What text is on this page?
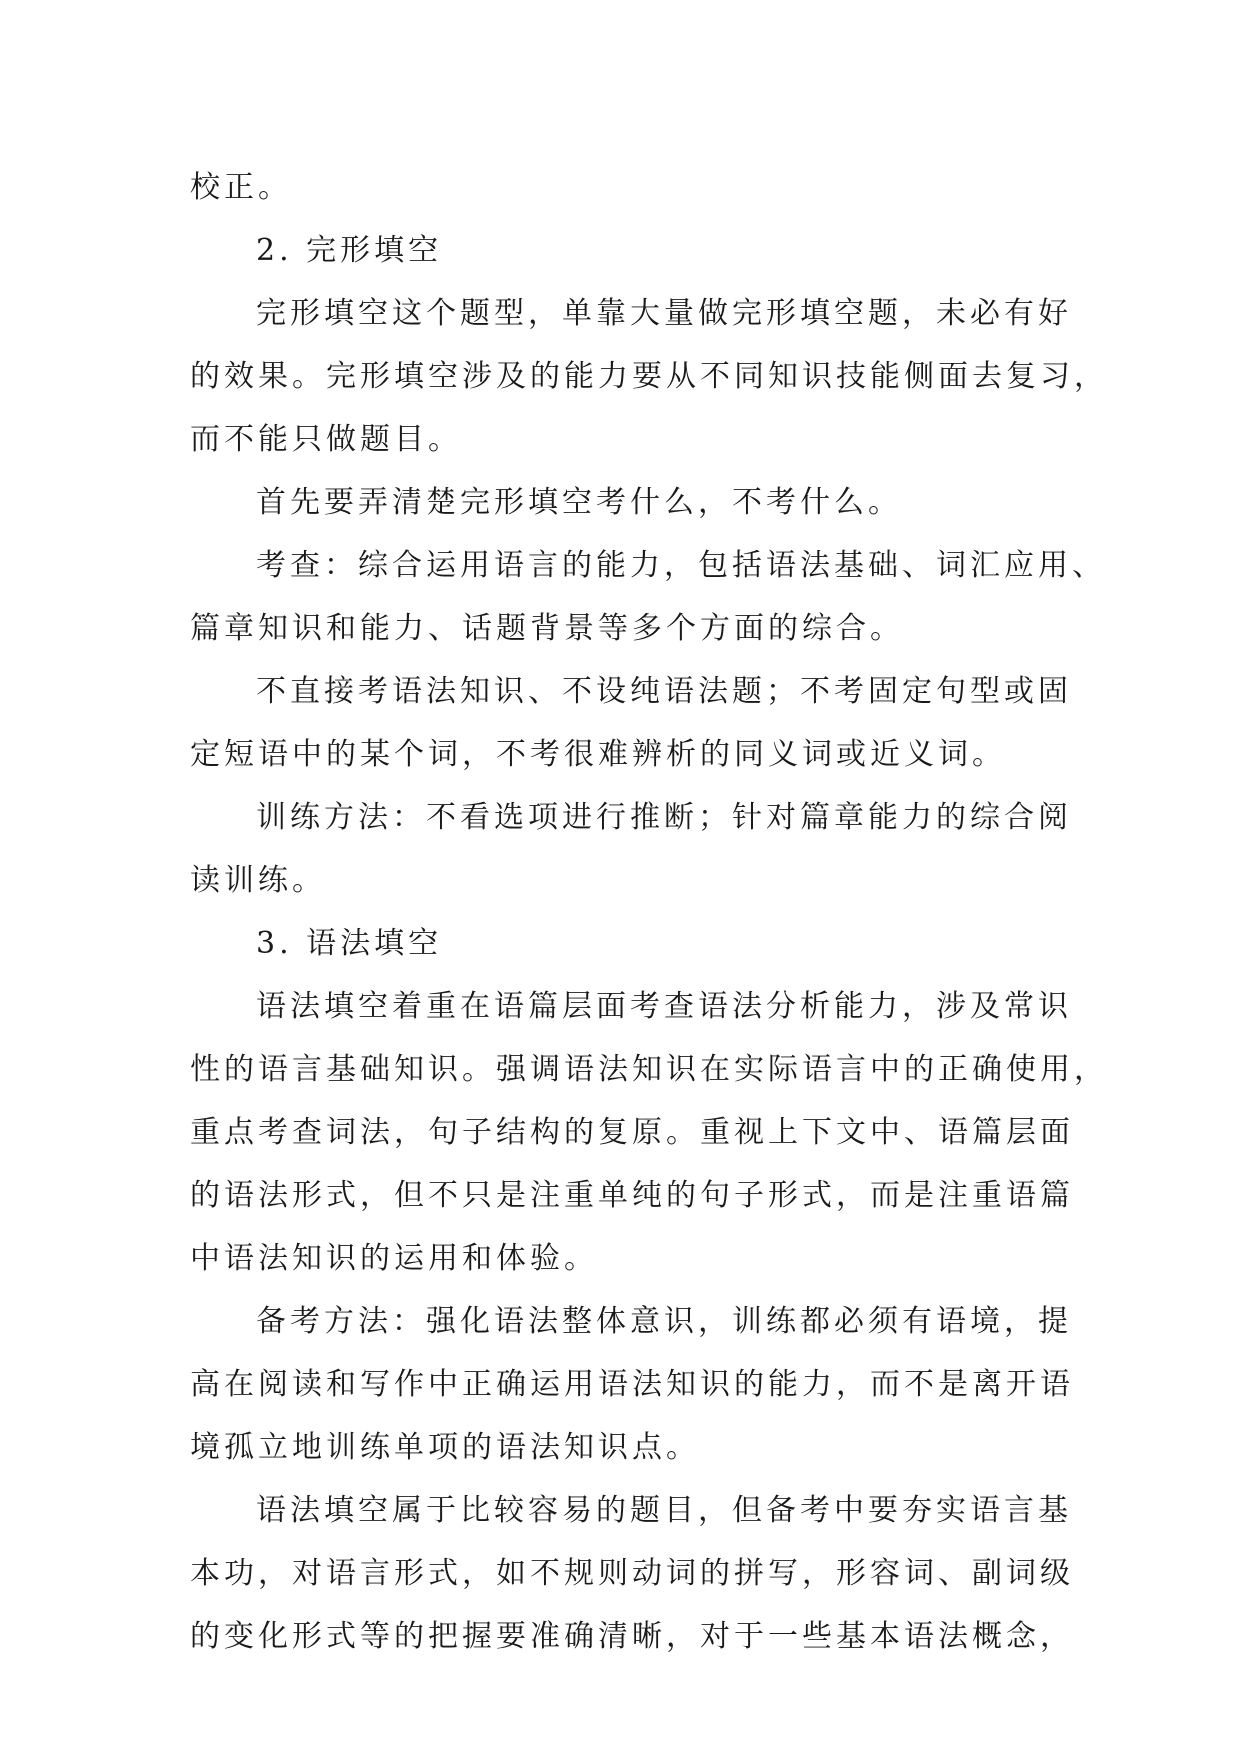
校正。
2. 完形填空
完形填空这个题型，单靠大量做完形填空题，未必有好
的效果。完形填空涉及的能力要从不同知识技能侧面去复习，
而不能只做题目。
首先要弄清楚完形填空考什么，不考什么。
考查：综合运用语言的能力，包括语法基础、词汇应用、
篇章知识和能力、话题背景等多个方面的综合。
不直接考语法知识、不设纯语法题；不考固定句型或固
定短语中的某个词，不考很难辨析的同义词或近义词。
训练方法：不看选项进行推断；针对篇章能力的综合阅
读训练。
3. 语法填空
语法填空着重在语篇层面考查语法分析能力，涉及常识
性的语言基础知识。强调语法知识在实际语言中的正确使用，
重点考查词法，句子结构的复原。重视上下文中、语篇层面
的语法形式，但不只是注重单纯的句子形式，而是注重语篇
中语法知识的运用和体验。
备考方法：强化语法整体意识，训练都必须有语境，提
高在阅读和写作中正确运用语法知识的能力，而不是离开语
境孤立地训练单项的语法知识点。
语法填空属于比较容易的题目，但备考中要夯实语言基
本功，对语言形式，如不规则动词的拼写，形容词、副词级
的变化形式等的把握要准确清晰，对于一些基本语法概念，
